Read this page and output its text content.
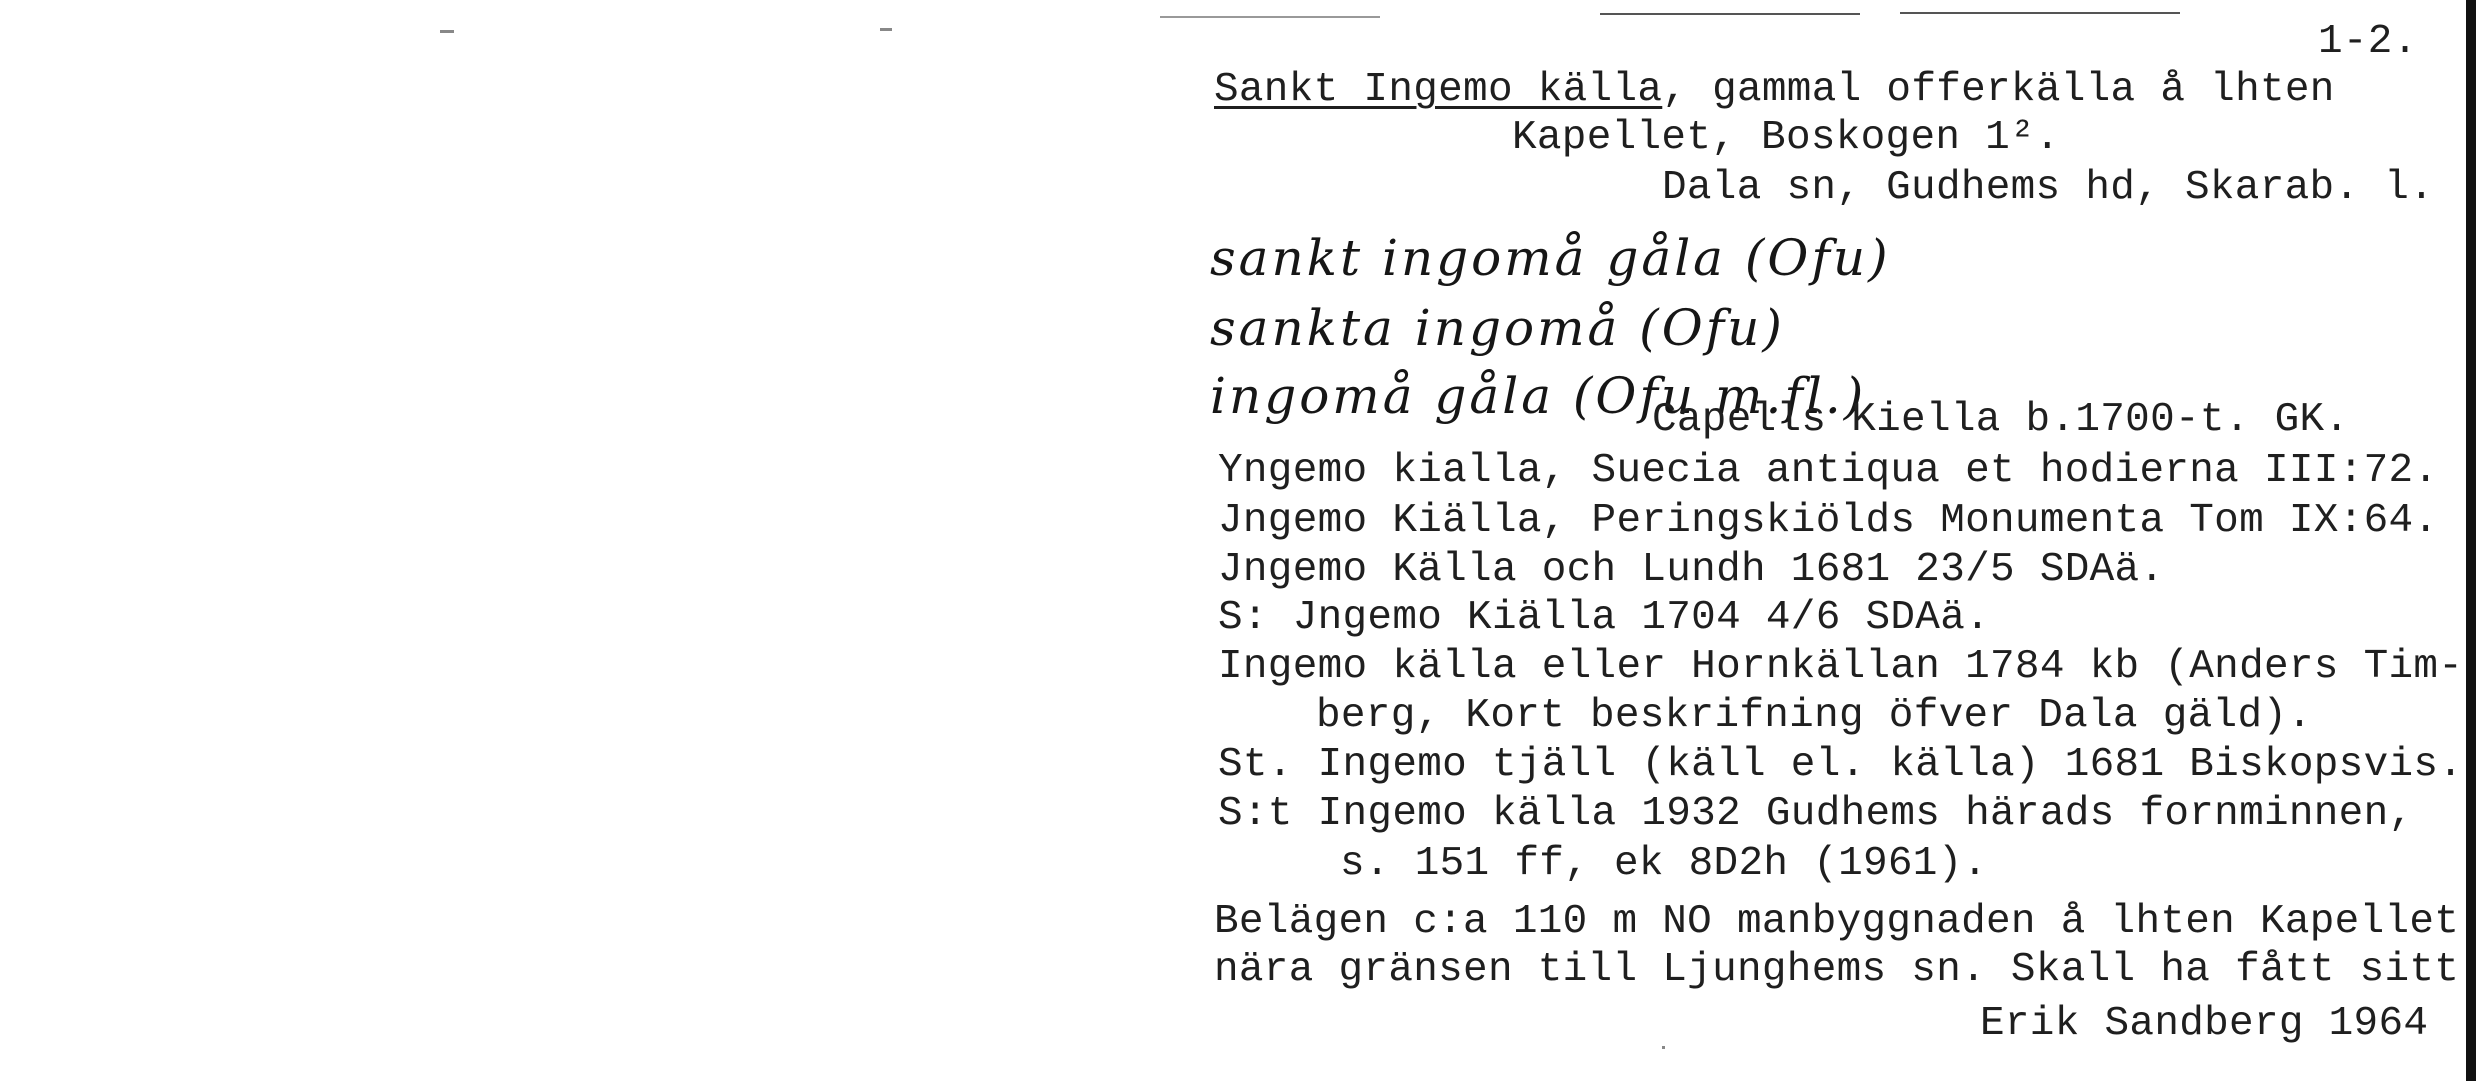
1-2.
Sankt Ingemo källa, gammal offerkälla å lhten
Kapellet, Boskogen 1².
Dala sn, Gudhems hd, Skarab. l.
sankt ingomå gåla (Ofu)
sankta ingomå (Ofu)
ingomå gåla (Ofu m.fl.)
Capells Kiella b.1700-t. GK.
Yngemo kialla, Suecia antiqua et hodierna III:72.
Jngemo Kiälla, Peringskiölds Monumenta Tom IX:64.
Jngemo Källa och Lundh 1681 23/5 SDAä.
S: Jngemo Kiälla 1704 4/6 SDAä.
Ingemo källa eller Hornkällan 1784 kb (Anders Tim-
berg, Kort beskrifning öfver Dala gäld).
St. Ingemo tjäll (käll el. källa) 1681 Biskopsvis.
S:t Ingemo källa 1932 Gudhems härads fornminnen,
s. 151 ff, ek 8D2h (1961).
Belägen c:a 110 m NO manbyggnaden å lhten Kapellet
nära gränsen till Ljunghems sn. Skall ha fått sitt
Erik Sandberg 1964
